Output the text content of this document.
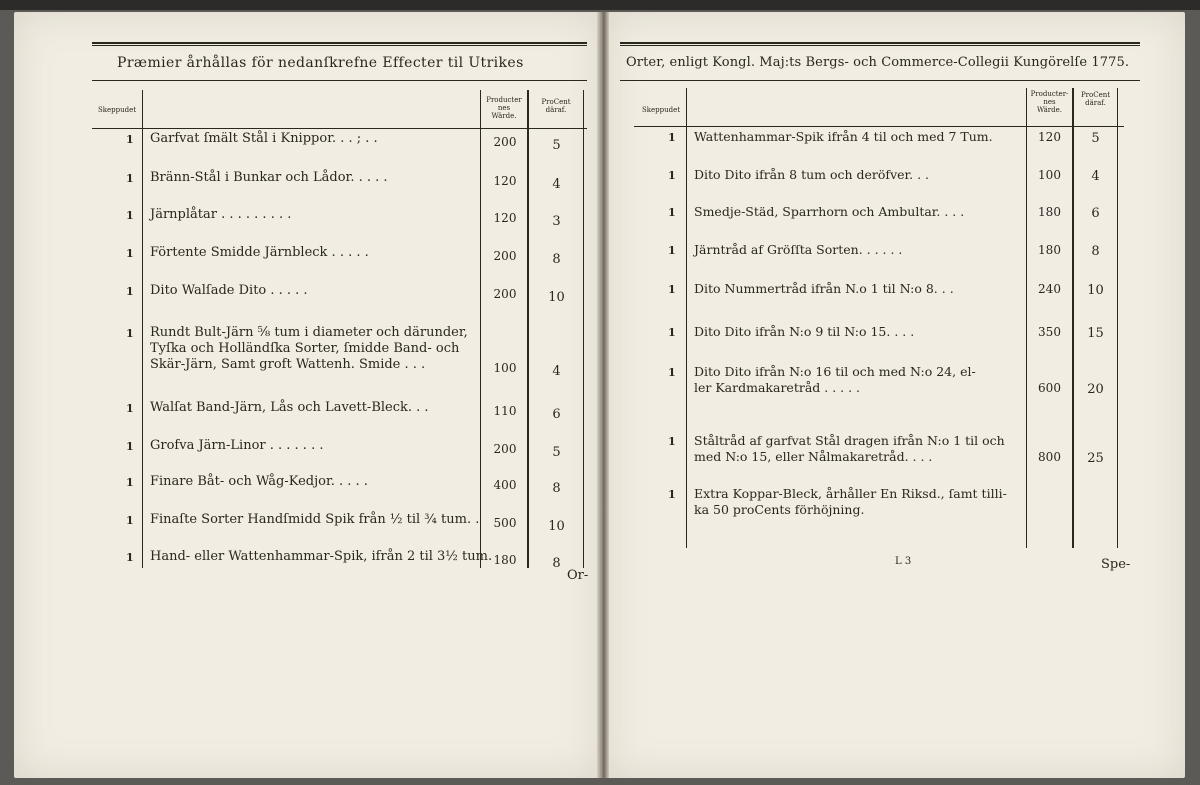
Præmier århållas för nedanſkrefne Effecter til Utrikes
Skeppudet
Producter
nes
Wärde.
ProCent
däraf.
1 Garfvat ſmält Stål i Knippor. . . ; . .	200	5
1 Bränn-Stål i Bunkar och Lådor. . . . .	120	4
1 Järnplåtar . . . . . . . . .	120	3
1 Förtente Smidde Järnbleck . . . . .	200	8
1 Dito Walſade Dito . . . . .	200	10
1 Rundt Bult-Järn ⅝ tum i diameter och därunder,
Tyſka och Holländſka Sorter, ſmidde Band- och
Skär-Järn, Samt groft Wattenh. Smide . . .	100	4
1 Walſat Band-Järn, Lås och Lavett-Bleck. . .	110	6
1 Grofva Järn-Linor . . . . . . .	200	5
1 Finare Båt- och Wåg-Kedjor. . . . .	400	8
1 Finaſte Sorter Handſmidd Spik från ½ til ¾ tum. .	500	10
1 Hand- eller Wattenhammar-Spik, ifrån 2 til 3½ tum. 180	8
Or-
Orter, enligt Kongl. Maj:ts Bergs- och Commerce-Collegii Kungörelſe 1775.
Skeppudet
Producter-
nes
Wärde.
ProCent
däraf.
1 Wattenhammar-Spik ifrån 4 til och med 7 Tum.	120	5
1 Dito Dito ifrån 8 tum och deröfver. . .	100	4
1 Smedje-Städ, Sparrhorn och Ambultar. . . .	180	6
1 Järntråd af Gröſſta Sorten. . . . . .	180	8
1 Dito Nummertråd ifrån N.o 1 til N:o 8. . .	240	10
1 Dito Dito ifrån N:o 9 til N:o 15. . . .	350	15
1 Dito Dito ifrån N:o 16 til och med N:o 24, el-
ler Kardmakaretråd . . . . .	600	20
1 Ståltråd af garfvat Stål dragen ifrån N:o 1 til och
med N:o 15, eller Nålmakaretråd. . . .	800	25
1 Extra Koppar-Bleck, århåller En Riksd., ſamt tilli-
ka 50 proCents förhöjning.
L 3	Spe-
